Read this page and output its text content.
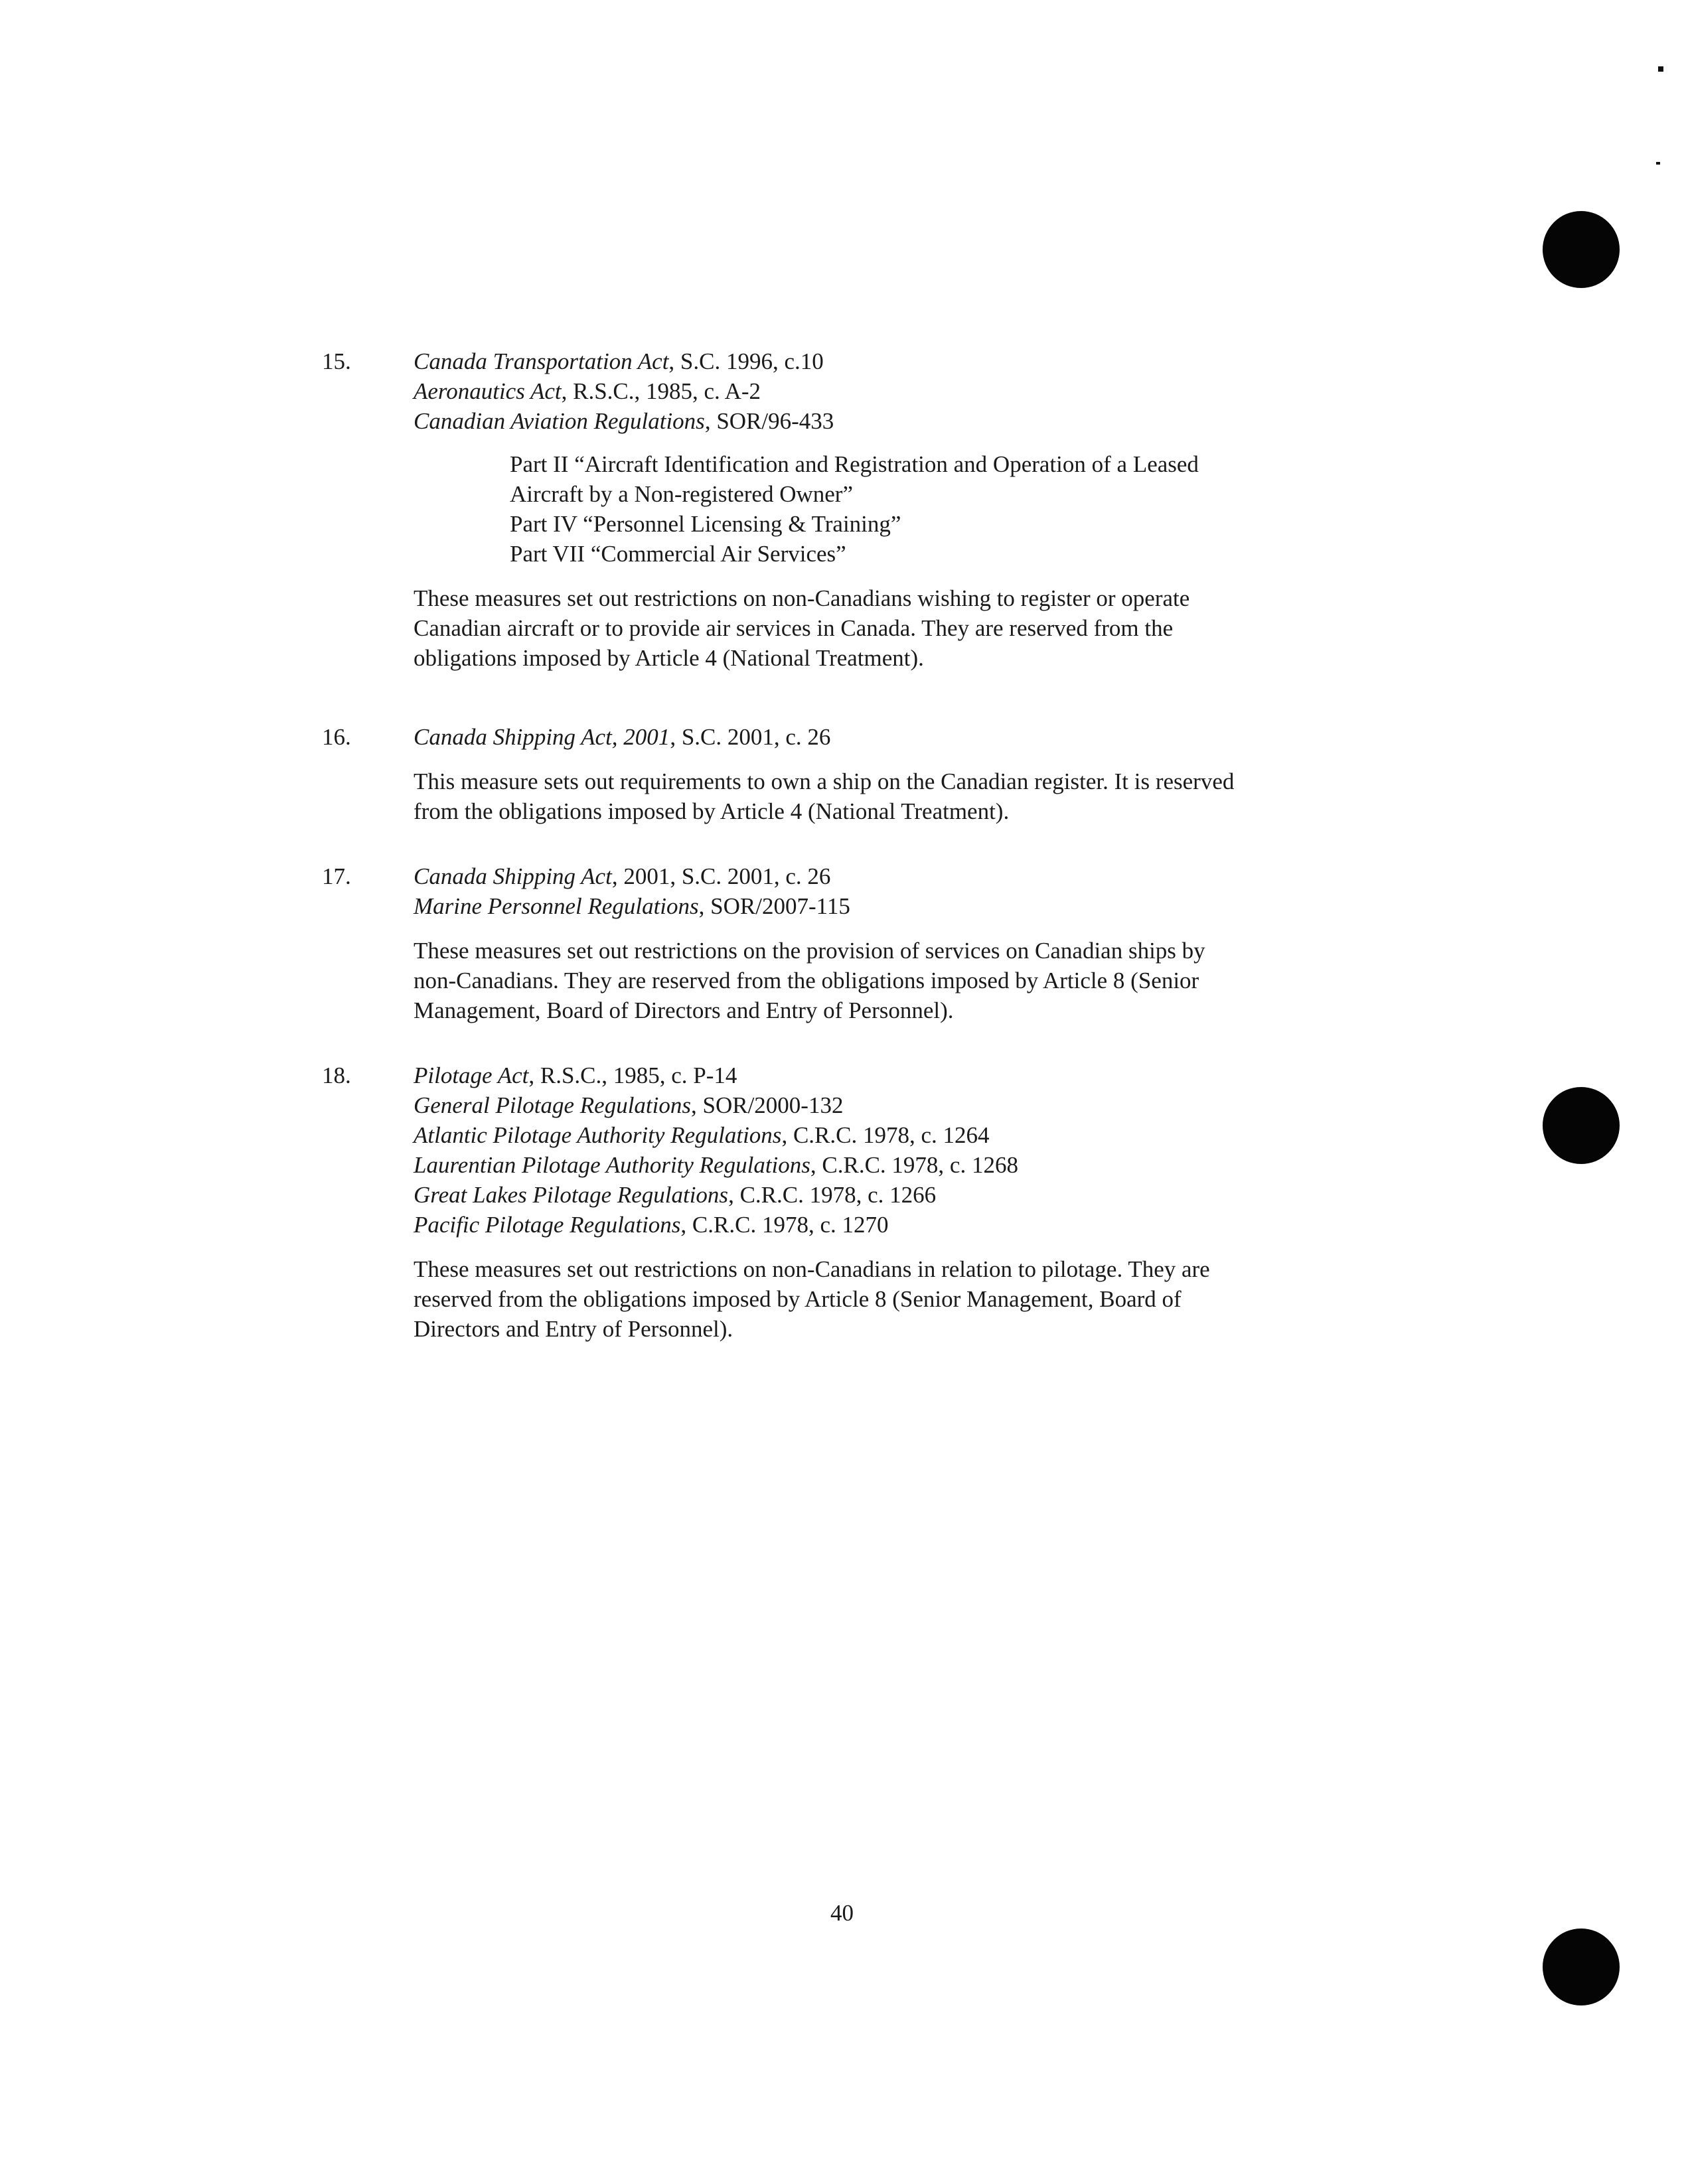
15.	Canada Transportation Act, S.C. 1996, c.10
Aeronautics Act, R.S.C., 1985, c. A-2
Canadian Aviation Regulations, SOR/96-433
Part II “Aircraft Identification and Registration and Operation of a Leased
Aircraft by a Non-registered Owner”
Part IV “Personnel Licensing & Training”
Part VII “Commercial Air Services”
These measures set out restrictions on non-Canadians wishing to register or operate
Canadian aircraft or to provide air services in Canada. They are reserved from the
obligations imposed by Article 4 (National Treatment).
16.	Canada Shipping Act, 2001, S.C. 2001, c. 26
This measure sets out requirements to own a ship on the Canadian register. It is reserved
from the obligations imposed by Article 4 (National Treatment).
17.	Canada Shipping Act, 2001, S.C. 2001, c. 26
Marine Personnel Regulations, SOR/2007-115
These measures set out restrictions on the provision of services on Canadian ships by
non-Canadians. They are reserved from the obligations imposed by Article 8 (Senior
Management, Board of Directors and Entry of Personnel).
18.	Pilotage Act, R.S.C., 1985, c. P-14
General Pilotage Regulations, SOR/2000-132
Atlantic Pilotage Authority Regulations, C.R.C. 1978, c. 1264
Laurentian Pilotage Authority Regulations, C.R.C. 1978, c. 1268
Great Lakes Pilotage Regulations, C.R.C. 1978, c. 1266
Pacific Pilotage Regulations, C.R.C. 1978, c. 1270
These measures set out restrictions on non-Canadians in relation to pilotage. They are
reserved from the obligations imposed by Article 8 (Senior Management, Board of
Directors and Entry of Personnel).
40
